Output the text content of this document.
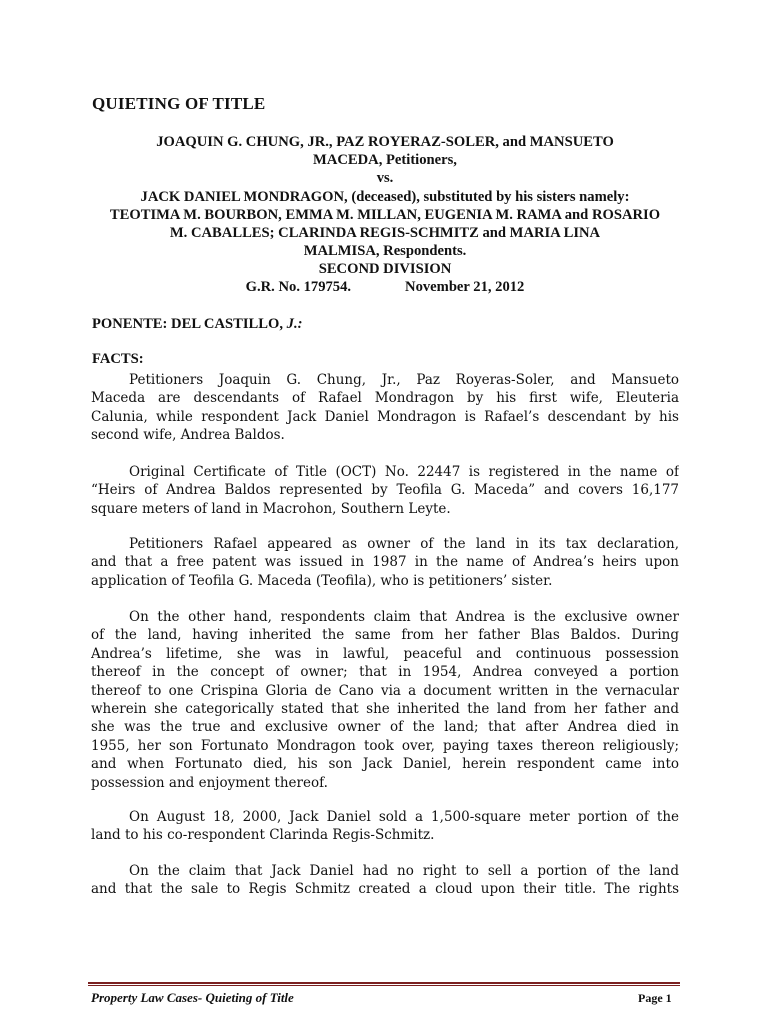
QUIETING OF TITLE
JOAQUIN G. CHUNG, JR., PAZ ROYERAZ-SOLER, and MANSUETO
MACEDA, Petitioners,
vs.
JACK DANIEL MONDRAGON, (deceased), substituted by his sisters namely:
TEOTIMA M. BOURBON, EMMA M. MILLAN, EUGENIA M. RAMA and ROSARIO
M. CABALLES; CLARINDA REGIS-SCHMITZ and MARIA LINA
MALMISA, Respondents.
SECOND DIVISION
G.R. No. 179754.	November 21, 2012
PONENTE: DEL CASTILLO, J.:
FACTS:
Petitioners Joaquin G. Chung, Jr., Paz Royeras-Soler, and Mansueto
Maceda are descendants of Rafael Mondragon by his first wife, Eleuteria
Calunia, while respondent Jack Daniel Mondragon is Rafael’s descendant by his
second wife, Andrea Baldos.
Original Certificate of Title (OCT) No. 22447 is registered in the name of
“Heirs of Andrea Baldos represented by Teofila G. Maceda” and covers 16,177
square meters of land in Macrohon, Southern Leyte.
Petitioners Rafael appeared as owner of the land in its tax declaration,
and that a free patent was issued in 1987 in the name of Andrea’s heirs upon
application of Teofila G. Maceda (Teofila), who is petitioners’ sister.
On the other hand, respondents claim that Andrea is the exclusive owner
of the land, having inherited the same from her father Blas Baldos. During
Andrea’s lifetime, she was in lawful, peaceful and continuous possession
thereof in the concept of owner; that in 1954, Andrea conveyed a portion
thereof to one Crispina Gloria de Cano via a document written in the vernacular
wherein she categorically stated that she inherited the land from her father and
she was the true and exclusive owner of the land; that after Andrea died in
1955, her son Fortunato Mondragon took over, paying taxes thereon religiously;
and when Fortunato died, his son Jack Daniel, herein respondent came into
possession and enjoyment thereof.
On August 18, 2000, Jack Daniel sold a 1,500-square meter portion of the
land to his co-respondent Clarinda Regis-Schmitz.
On the claim that Jack Daniel had no right to sell a portion of the land
and that the sale to Regis Schmitz created a cloud upon their title. The rights
Property Law Cases- Quieting of Title	Page 1
